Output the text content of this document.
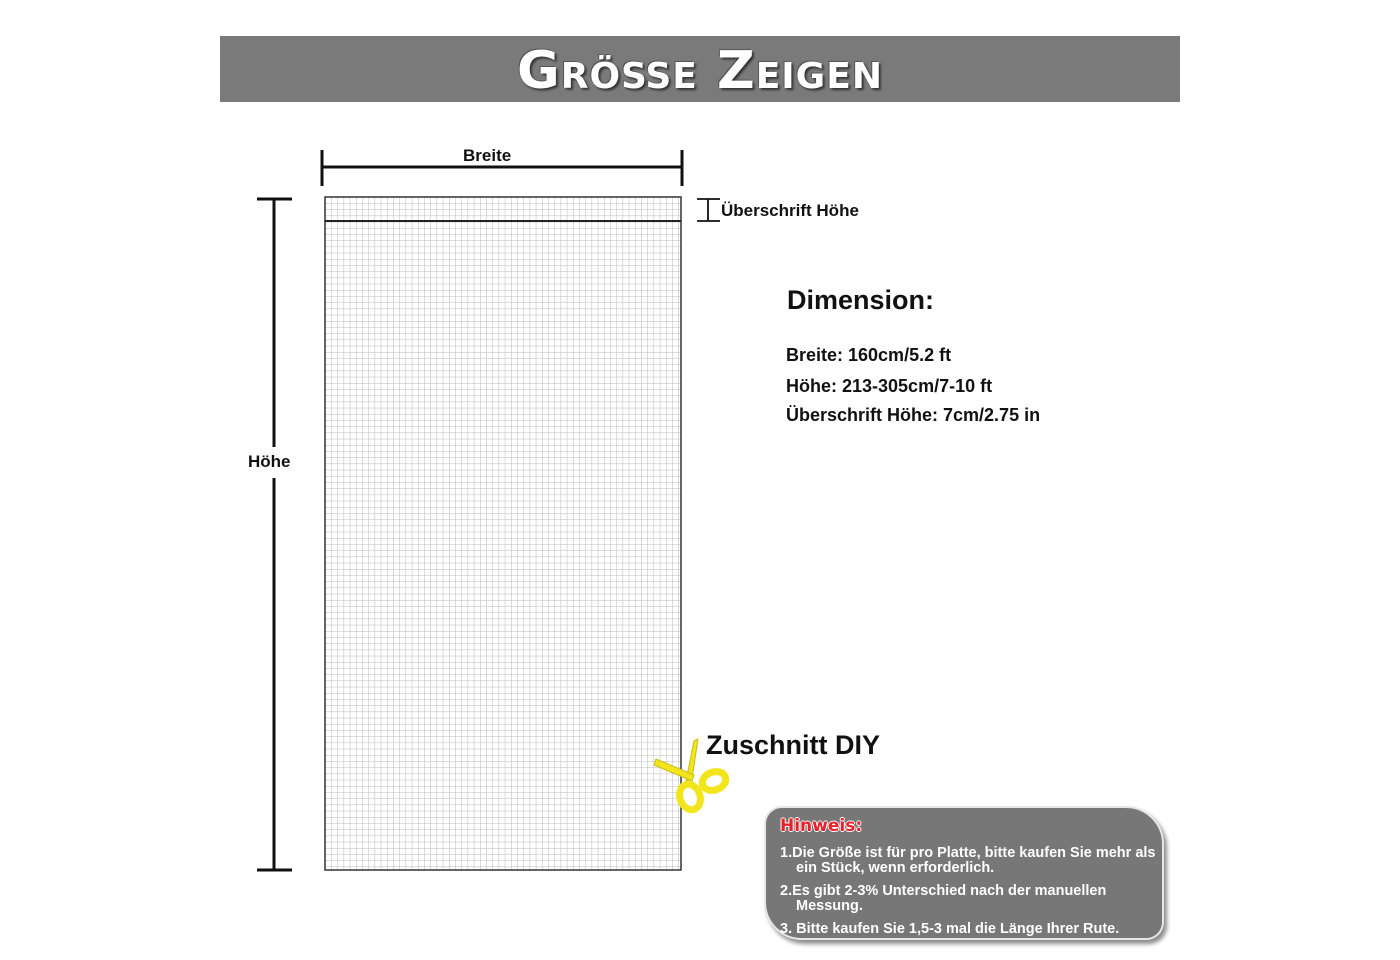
Größe Zeigen
Breite
Höhe
Überschrift Höhe
Dimension:
Breite: 160cm/5.2 ft
Höhe: 213-305cm/7-10 ft
Überschrift Höhe: 7cm/2.75 in
Zuschnitt DIY
Hinweis:
1.Die Größe ist für pro Platte, bitte kaufen Sie mehr als ein Stück, wenn erforderlich.
2.Es gibt 2-3% Unterschied nach der manuellen Messung.
3. Bitte kaufen Sie 1,5-3 mal die Länge Ihrer Rute.
